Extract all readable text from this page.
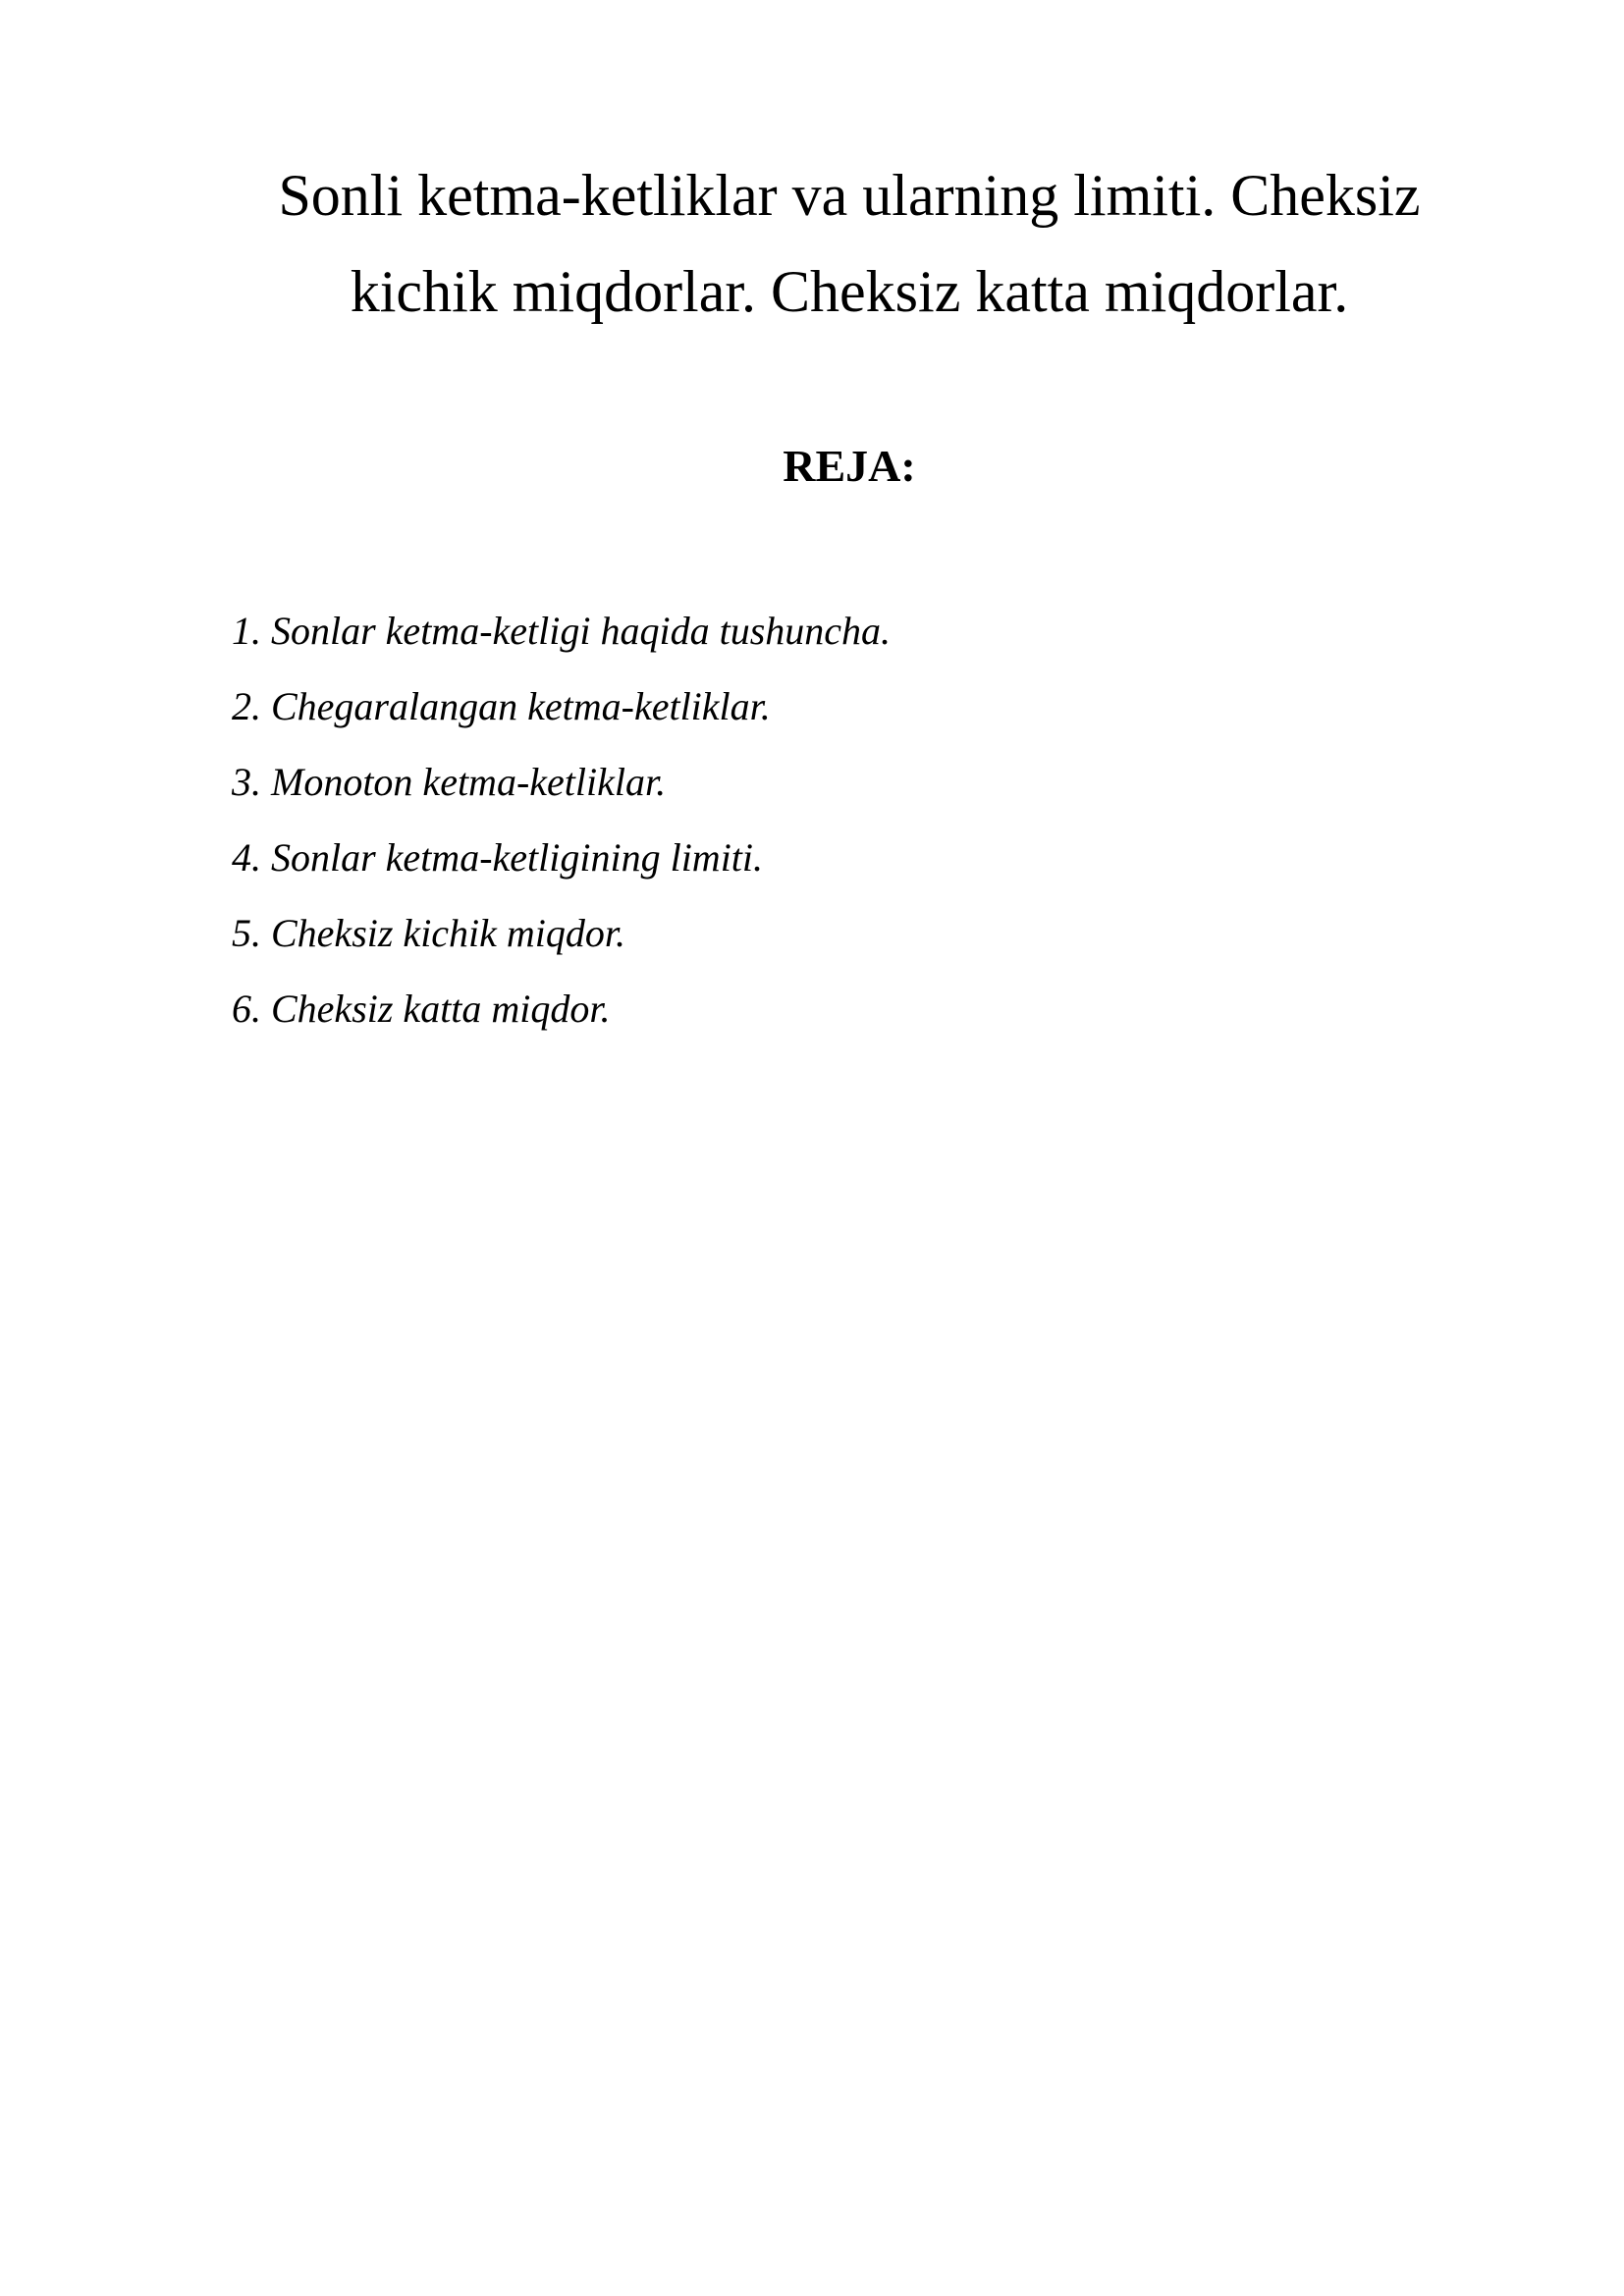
Sonli ketma-ketliklar va ularning limiti. Cheksiz
kichik miqdorlar. Cheksiz katta miqdorlar.
REJA:
1. Sonlar ketma-ketligi haqida tushuncha.
2. Chegaralangan ketma-ketliklar.
3. Monoton ketma-ketliklar.
4. Sonlar ketma-ketligining limiti.
5. Cheksiz kichik miqdor.
6. Cheksiz katta miqdor.
